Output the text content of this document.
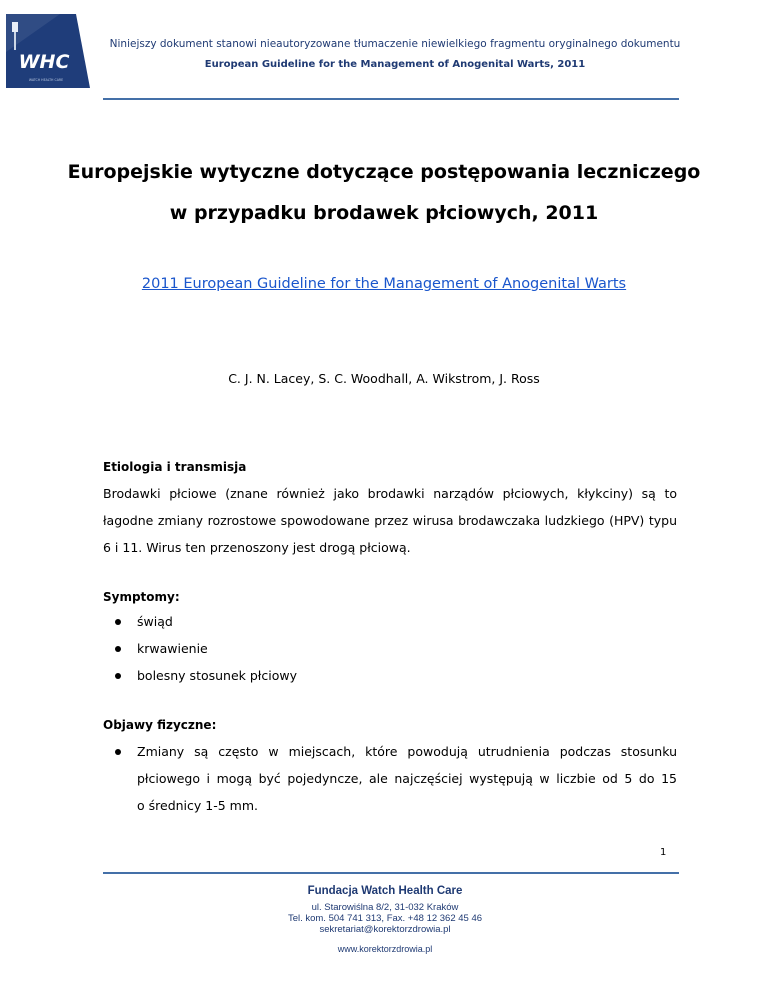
WHC
WATCH HEALTH CARE
Niniejszy dokument stanowi nieautoryzowane tłumaczenie niewielkiego fragmentu oryginalnego dokumentu
European Guideline for the Management of Anogenital Warts, 2011
Europejskie wytyczne dotyczące postępowania leczniczego
w przypadku brodawek płciowych, 2011
2011 European Guideline for the Management of Anogenital Warts
C. J. N. Lacey, S. C. Woodhall, A. Wikstrom, J. Ross
Etiologia i transmisja
Brodawki płciowe (znane również jako brodawki narządów płciowych, kłykciny) są to
łagodne zmiany rozrostowe spowodowane przez wirusa brodawczaka ludzkiego (HPV) typu
6 i 11. Wirus ten przenoszony jest drogą płciową.
Symptomy:
świąd
krwawienie
bolesny stosunek płciowy
Objawy fizyczne:
Zmiany są często w miejscach, które powodują utrudnienia podczas stosunku
płciowego i mogą być pojedyncze, ale najczęściej występują w liczbie od 5 do 15
o średnicy 1-5 mm.
1
Fundacja Watch Health Care
ul. Starowiślna 8/2, 31-032 Kraków
Tel. kom. 504 741 313, Fax. +48 12 362 45 46
sekretariat@korektorzdrowia.pl
www.korektorzdrowia.pl
